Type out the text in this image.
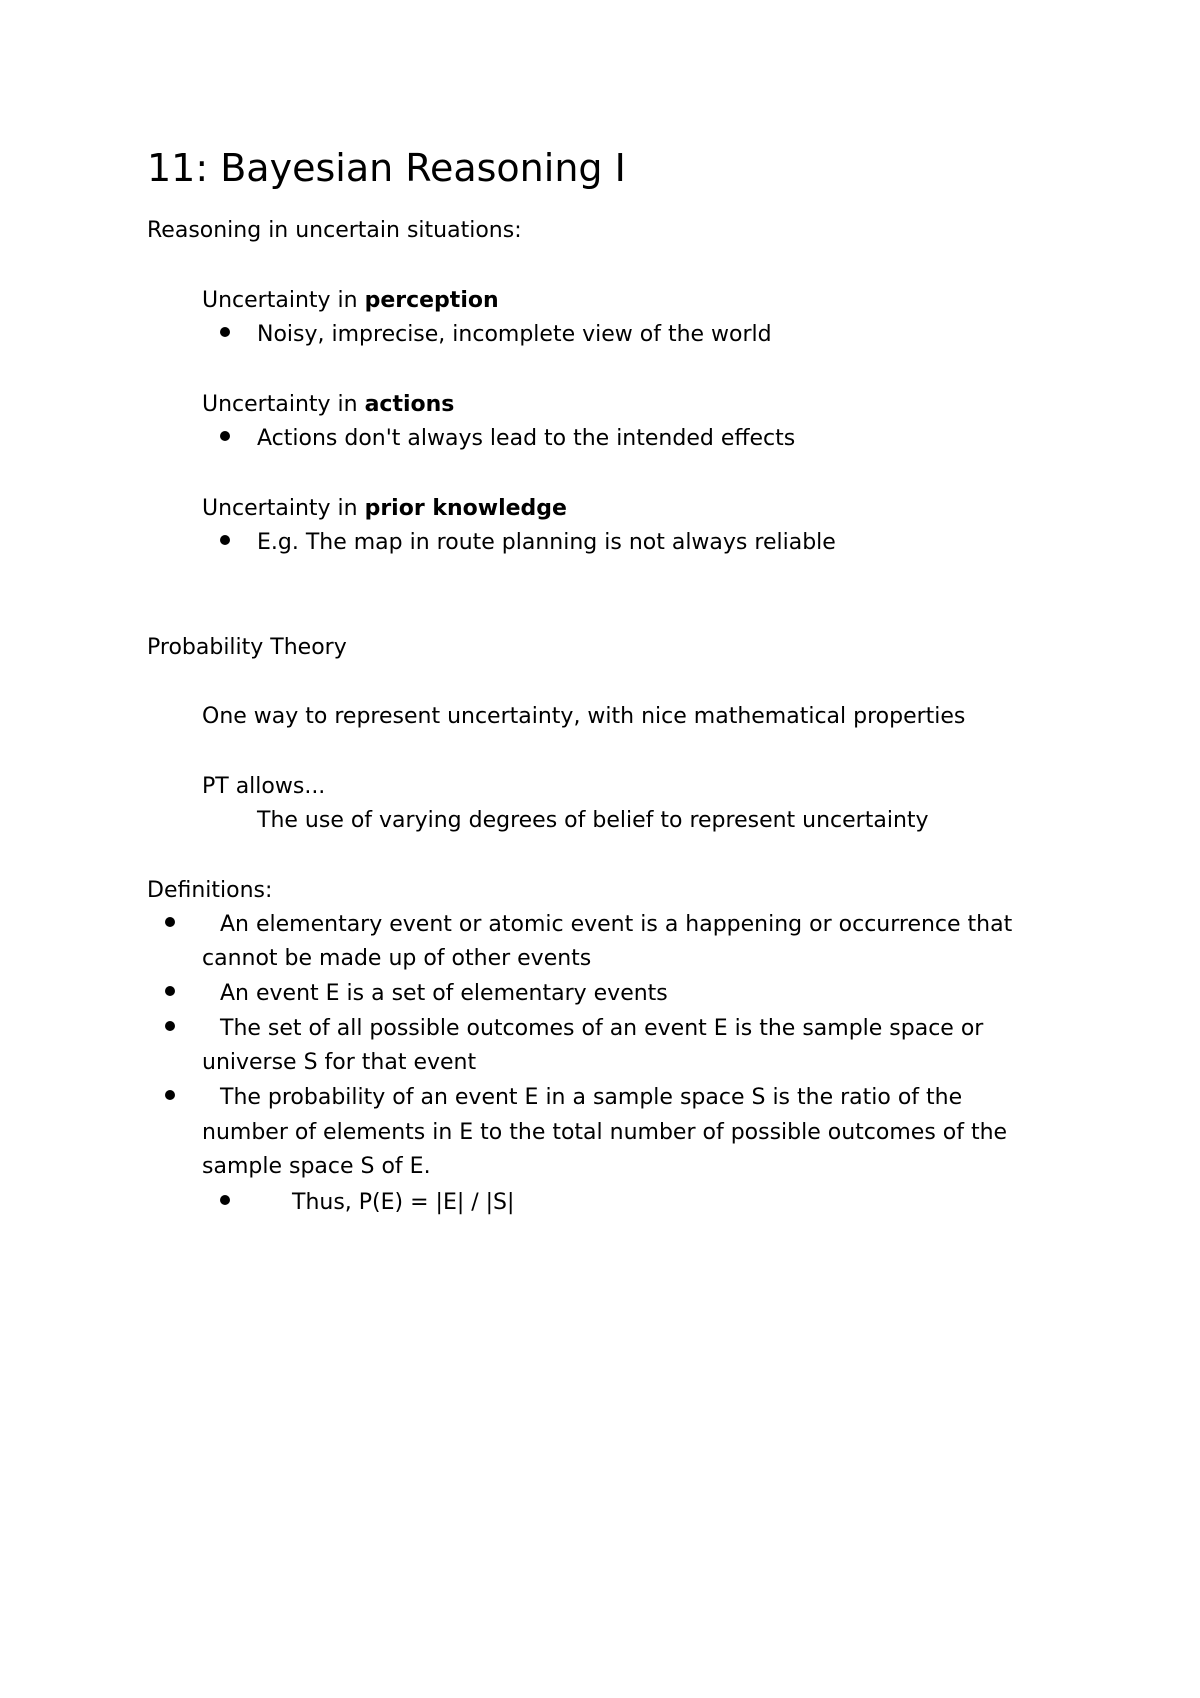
11: Bayesian Reasoning I
Reasoning in uncertain situations:
Uncertainty in perception
Noisy, imprecise, incomplete view of the world
Uncertainty in actions
Actions don't always lead to the intended effects
Uncertainty in prior knowledge
E.g. The map in route planning is not always reliable
Probability Theory
One way to represent uncertainty, with nice mathematical properties
PT allows...
The use of varying degrees of belief to represent uncertainty
Definitions:
An elementary event or atomic event is a happening or occurrence that
cannot be made up of other events
An event E is a set of elementary events
The set of all possible outcomes of an event E is the sample space or
universe S for that event
The probability of an event E in a sample space S is the ratio of the
number of elements in E to the total number of possible outcomes of the
sample space S of E.
Thus, P(E) = |E| / |S|
